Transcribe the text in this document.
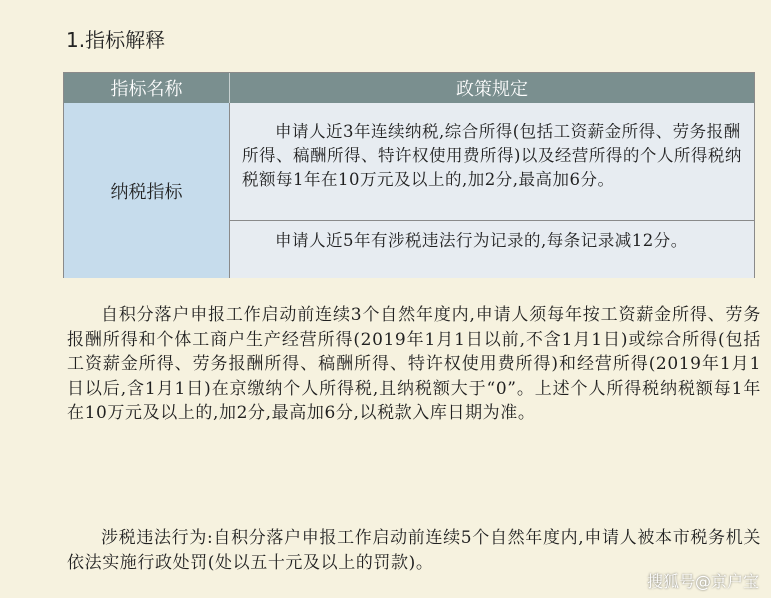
1.指标解释
指标名称	政策规定
纳税指标
申请人近3年连续纳税,综合所得(包括工资薪金所得、劳务报酬所得、稿酬所得、特许权使用费所得)以及经营所得的个人所得税纳税额每1年在10万元及以上的,加2分,最高加6分。
申请人近5年有涉税违法行为记录的,每条记录减12分。
自积分落户申报工作启动前连续3个自然年度内,申请人须每年按工资薪金所得、劳务报酬所得和个体工商户生产经营所得(2019年1月1日以前,不含1月1日)或综合所得(包括工资薪金所得、劳务报酬所得、稿酬所得、特许权使用费所得)和经营所得(2019年1月1日以后,含1月1日)在京缴纳个人所得税,且纳税额大于“0”。上述个人所得税纳税额每1年在10万元及以上的,加2分,最高加6分,以税款入库日期为准。
涉税违法行为:自积分落户申报工作启动前连续5个自然年度内,申请人被本市税务机关依法实施行政处罚(处以五十元及以上的罚款)。
搜狐号@京户宝
